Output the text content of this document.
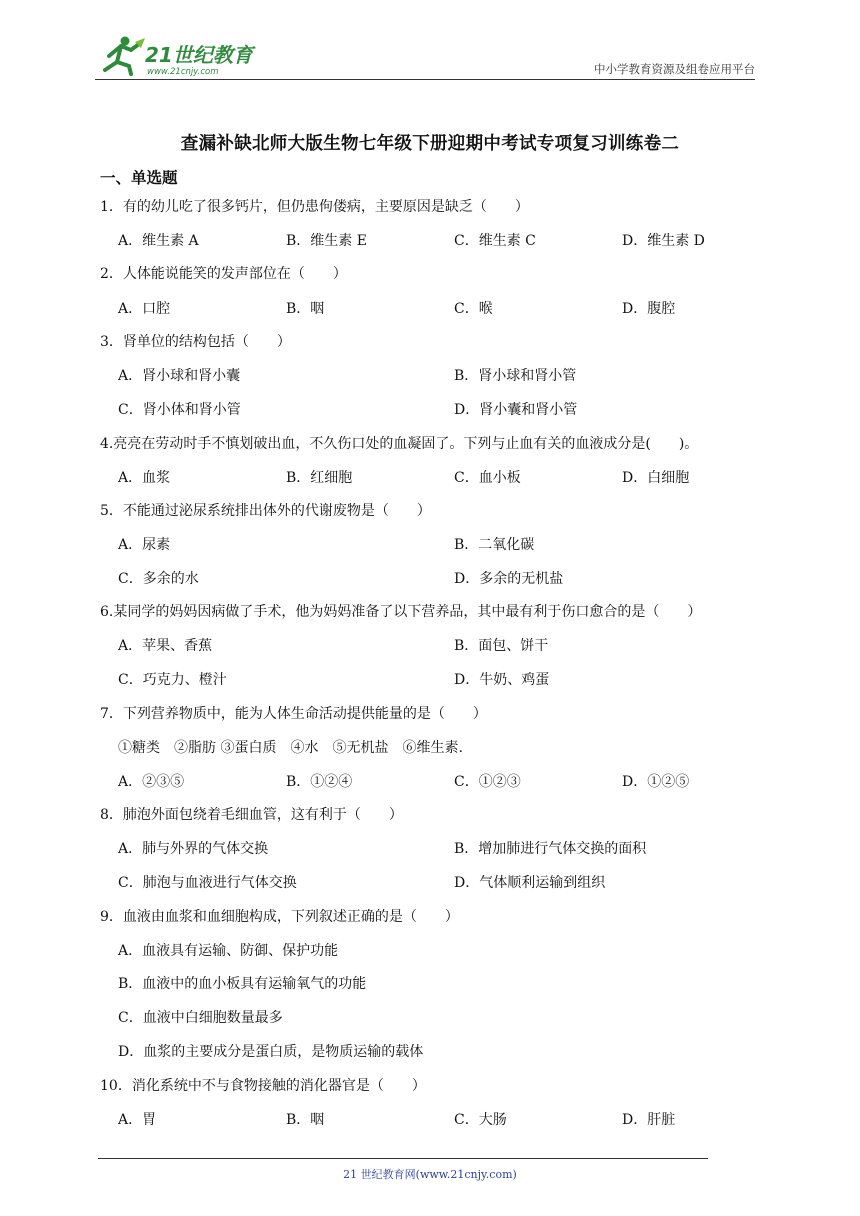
21世纪教育
www.21cnjy.com	中小学教育资源及组卷应用平台
查漏补缺北师大版生物七年级下册迎期中考试专项复习训练卷二
一、单选题
1．有的幼儿吃了很多钙片，但仍患佝偻病，主要原因是缺乏（　　）
A．维生素 A	B．维生素 E	C．维生素 C	D．维生素 D
2．人体能说能笑的发声部位在（　　）
A．口腔	B．咽	C．喉	D．腹腔
3．肾单位的结构包括（　　）
A．肾小球和肾小囊	B．肾小球和肾小管
C．肾小体和肾小管	D．肾小囊和肾小管
4.亮亮在劳动时手不慎划破出血，不久伤口处的血凝固了。下列与止血有关的血液成分是(　　)。
A．血浆	B．红细胞	C．血小板	D．白细胞
5．不能通过泌尿系统排出体外的代谢废物是（　　）
A．尿素	B．二氧化碳
C．多余的水	D．多余的无机盐
6.某同学的妈妈因病做了手术，他为妈妈准备了以下营养品，其中最有利于伤口愈合的是（　　）
A．苹果、香蕉	B．面包、饼干
C．巧克力、橙汁	D．牛奶、鸡蛋
7．下列营养物质中，能为人体生命活动提供能量的是（　　）
①糖类　②脂肪 ③蛋白质　④水　⑤无机盐　⑥维生素.
A．②③⑤	B．①②④	C．①②③	D．①②⑤
8．肺泡外面包绕着毛细血管，这有利于（　　）
A．肺与外界的气体交换	B．增加肺进行气体交换的面积
C．肺泡与血液进行气体交换	D．气体顺利运输到组织
9．血液由血浆和血细胞构成，下列叙述正确的是（　　）
A．血液具有运输、防御、保护功能
B．血液中的血小板具有运输氧气的功能
C．血液中白细胞数量最多
D．血浆的主要成分是蛋白质，是物质运输的载体
10．消化系统中不与食物接触的消化器官是（　　）
A．胃	B．咽	C．大肠	D．肝脏
21 世纪教育网(www.21cnjy.com)
